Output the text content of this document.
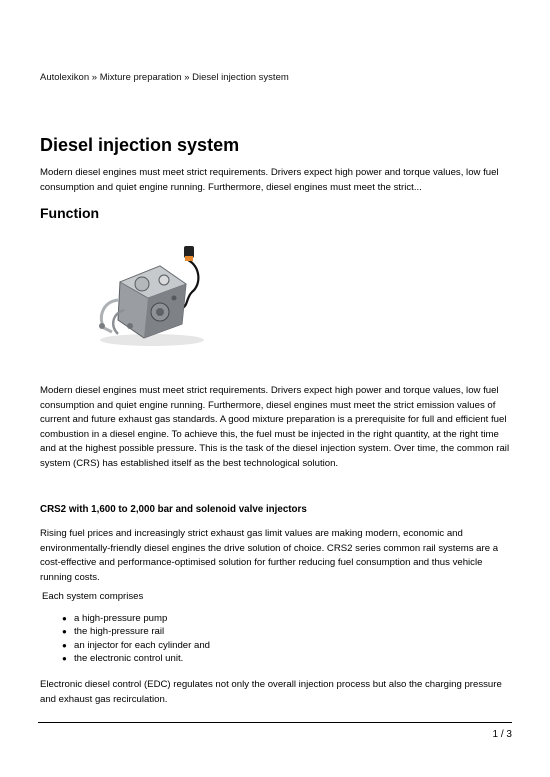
Autolexikon » Mixture preparation » Diesel injection system
Diesel injection system

Modern diesel engines must meet strict requirements. Drivers expect high power and torque values, low fuel consumption and quiet engine running. Furthermore, diesel engines must meet the strict...

Function

Modern diesel engines must meet strict requirements. Drivers expect high power and torque values, low fuel consumption and quiet engine running. Furthermore, diesel engines must meet the strict emission values of current and future exhaust gas standards. A good mixture preparation is a prerequisite for full and efficient fuel combustion in a diesel engine. To achieve this, the fuel must be injected in the right quantity, at the right time and at the highest possible pressure. This is the task of the diesel injection system. Over time, the common rail system (CRS) has established itself as the best technological solution.

CRS2 with 1,600 to 2,000 bar and solenoid valve injectors

Rising fuel prices and increasingly strict exhaust gas limit values are making modern, economic and environmentally-friendly diesel engines the drive solution of choice. CRS2 series common rail systems are a cost-effective and performance-optimised solution for further reducing fuel consumption and thus vehicle running costs.

Each system comprises

● a high-pressure pump
● the high-pressure rail
● an injector for each cylinder and
● the electronic control unit.

Electronic diesel control (EDC) regulates not only the overall injection process but also the charging pressure and exhaust gas recirculation.

1 / 3
